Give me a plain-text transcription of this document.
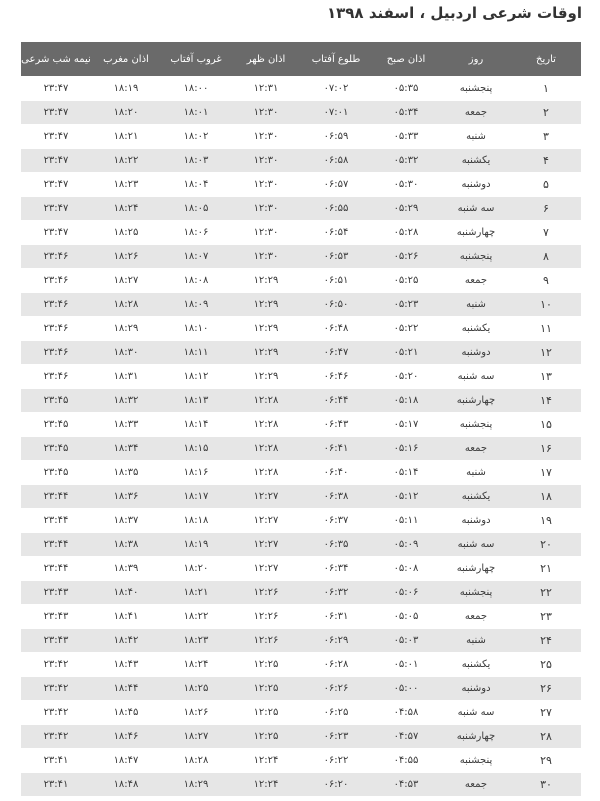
اوقات شرعی اردبیل ، اسفند ۱۳۹۸
تاریخ	روز	اذان صبح	طلوع آفتاب	اذان ظهر	غروب آفتاب	اذان مغرب	نیمه شب شرعی
۱	پنجشنبه	۰۵:۳۵	۰۷:۰۲	۱۲:۳۱	۱۸:۰۰	۱۸:۱۹	۲۳:۴۷
۲	جمعه	۰۵:۳۴	۰۷:۰۱	۱۲:۳۰	۱۸:۰۱	۱۸:۲۰	۲۳:۴۷
۳	شنبه	۰۵:۳۳	۰۶:۵۹	۱۲:۳۰	۱۸:۰۲	۱۸:۲۱	۲۳:۴۷
۴	یکشنبه	۰۵:۳۲	۰۶:۵۸	۱۲:۳۰	۱۸:۰۳	۱۸:۲۲	۲۳:۴۷
۵	دوشنبه	۰۵:۳۰	۰۶:۵۷	۱۲:۳۰	۱۸:۰۴	۱۸:۲۳	۲۳:۴۷
۶	سه شنبه	۰۵:۲۹	۰۶:۵۵	۱۲:۳۰	۱۸:۰۵	۱۸:۲۴	۲۳:۴۷
۷	چهارشنبه	۰۵:۲۸	۰۶:۵۴	۱۲:۳۰	۱۸:۰۶	۱۸:۲۵	۲۳:۴۷
۸	پنجشنبه	۰۵:۲۶	۰۶:۵۳	۱۲:۳۰	۱۸:۰۷	۱۸:۲۶	۲۳:۴۶
۹	جمعه	۰۵:۲۵	۰۶:۵۱	۱۲:۲۹	۱۸:۰۸	۱۸:۲۷	۲۳:۴۶
۱۰	شنبه	۰۵:۲۳	۰۶:۵۰	۱۲:۲۹	۱۸:۰۹	۱۸:۲۸	۲۳:۴۶
۱۱	یکشنبه	۰۵:۲۲	۰۶:۴۸	۱۲:۲۹	۱۸:۱۰	۱۸:۲۹	۲۳:۴۶
۱۲	دوشنبه	۰۵:۲۱	۰۶:۴۷	۱۲:۲۹	۱۸:۱۱	۱۸:۳۰	۲۳:۴۶
۱۳	سه شنبه	۰۵:۲۰	۰۶:۴۶	۱۲:۲۹	۱۸:۱۲	۱۸:۳۱	۲۳:۴۶
۱۴	چهارشنبه	۰۵:۱۸	۰۶:۴۴	۱۲:۲۸	۱۸:۱۳	۱۸:۳۲	۲۳:۴۵
۱۵	پنجشنبه	۰۵:۱۷	۰۶:۴۳	۱۲:۲۸	۱۸:۱۴	۱۸:۳۳	۲۳:۴۵
۱۶	جمعه	۰۵:۱۶	۰۶:۴۱	۱۲:۲۸	۱۸:۱۵	۱۸:۳۴	۲۳:۴۵
۱۷	شنبه	۰۵:۱۴	۰۶:۴۰	۱۲:۲۸	۱۸:۱۶	۱۸:۳۵	۲۳:۴۵
۱۸	یکشنبه	۰۵:۱۲	۰۶:۳۸	۱۲:۲۷	۱۸:۱۷	۱۸:۳۶	۲۳:۴۴
۱۹	دوشنبه	۰۵:۱۱	۰۶:۳۷	۱۲:۲۷	۱۸:۱۸	۱۸:۳۷	۲۳:۴۴
۲۰	سه شنبه	۰۵:۰۹	۰۶:۳۵	۱۲:۲۷	۱۸:۱۹	۱۸:۳۸	۲۳:۴۴
۲۱	چهارشنبه	۰۵:۰۸	۰۶:۳۴	۱۲:۲۷	۱۸:۲۰	۱۸:۳۹	۲۳:۴۴
۲۲	پنجشنبه	۰۵:۰۶	۰۶:۳۲	۱۲:۲۶	۱۸:۲۱	۱۸:۴۰	۲۳:۴۳
۲۳	جمعه	۰۵:۰۵	۰۶:۳۱	۱۲:۲۶	۱۸:۲۲	۱۸:۴۱	۲۳:۴۳
۲۴	شنبه	۰۵:۰۳	۰۶:۲۹	۱۲:۲۶	۱۸:۲۳	۱۸:۴۲	۲۳:۴۳
۲۵	یکشنبه	۰۵:۰۱	۰۶:۲۸	۱۲:۲۵	۱۸:۲۴	۱۸:۴۳	۲۳:۴۲
۲۶	دوشنبه	۰۵:۰۰	۰۶:۲۶	۱۲:۲۵	۱۸:۲۵	۱۸:۴۴	۲۳:۴۲
۲۷	سه شنبه	۰۴:۵۸	۰۶:۲۵	۱۲:۲۵	۱۸:۲۶	۱۸:۴۵	۲۳:۴۲
۲۸	چهارشنبه	۰۴:۵۷	۰۶:۲۳	۱۲:۲۵	۱۸:۲۷	۱۸:۴۶	۲۳:۴۲
۲۹	پنجشنبه	۰۴:۵۵	۰۶:۲۲	۱۲:۲۴	۱۸:۲۸	۱۸:۴۷	۲۳:۴۱
۳۰	جمعه	۰۴:۵۳	۰۶:۲۰	۱۲:۲۴	۱۸:۲۹	۱۸:۴۸	۲۳:۴۱
